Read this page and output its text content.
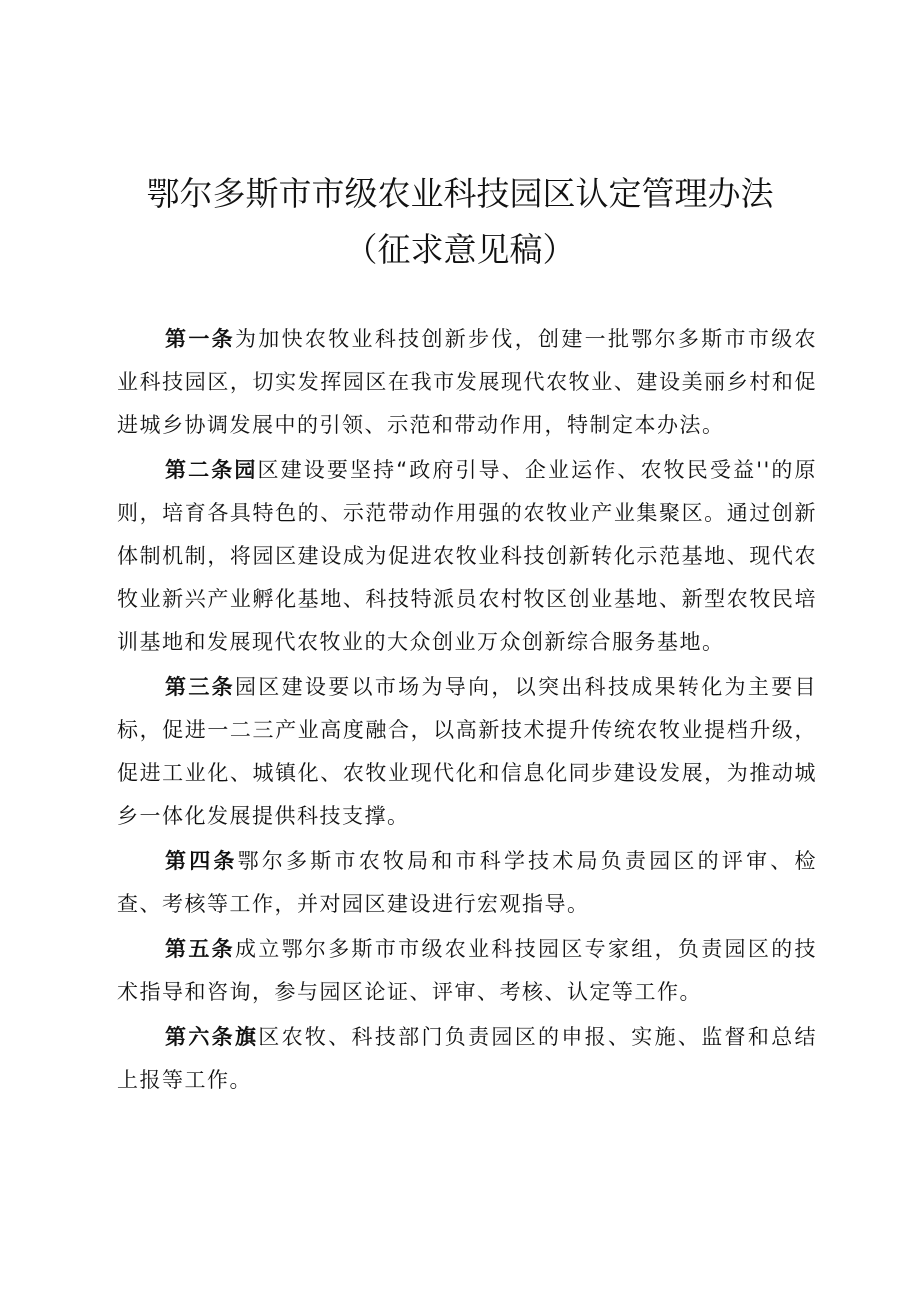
鄂尔多斯市市级农业科技园区认定管理办法
（征求意见稿）

第一条为加快农牧业科技创新步伐，创建一批鄂尔多斯市市级农业科技园区，切实发挥园区在我市发展现代农牧业、建设美丽乡村和促进城乡协调发展中的引领、示范和带动作用，特制定本办法。

第二条园区建设要坚持“政府引导、企业运作、农牧民受益''的原则，培育各具特色的、示范带动作用强的农牧业产业集聚区。通过创新体制机制，将园区建设成为促进农牧业科技创新转化示范基地、现代农牧业新兴产业孵化基地、科技特派员农村牧区创业基地、新型农牧民培训基地和发展现代农牧业的大众创业万众创新综合服务基地。

第三条园区建设要以市场为导向，以突出科技成果转化为主要目标，促进一二三产业高度融合，以高新技术提升传统农牧业提档升级，促进工业化、城镇化、农牧业现代化和信息化同步建设发展，为推动城乡一体化发展提供科技支撑。

第四条鄂尔多斯市农牧局和市科学技术局负责园区的评审、检查、考核等工作，并对园区建设进行宏观指导。

第五条成立鄂尔多斯市市级农业科技园区专家组，负责园区的技术指导和咨询，参与园区论证、评审、考核、认定等工作。

第六条旗区农牧、科技部门负责园区的申报、实施、监督和总结上报等工作。
